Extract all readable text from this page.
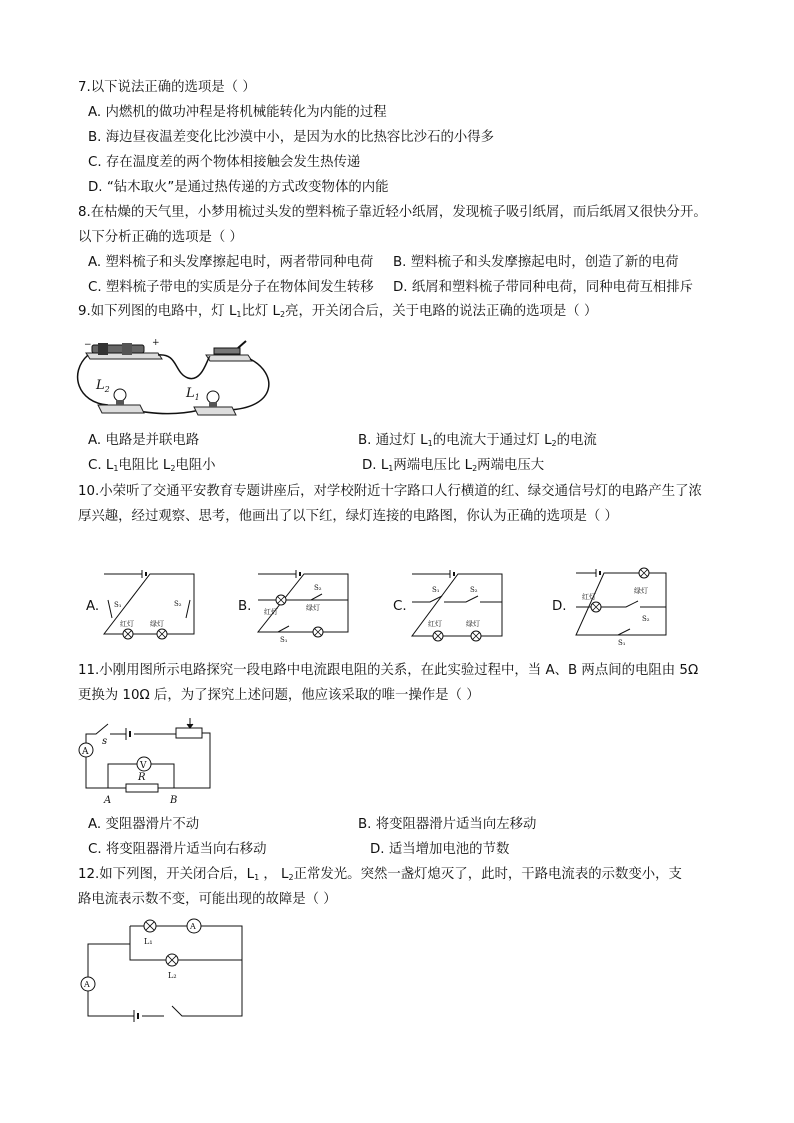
7.以下说法正确的选项是（ ）
A. 内燃机的做功冲程是将机械能转化为内能的过程
B. 海边昼夜温差变化比沙漠中小，是因为水的比热容比沙石的小得多
C. 存在温度差的两个物体相接触会发生热传递
D. “钻木取火”是通过热传递的方式改变物体的内能
8.在枯燥的天气里，小梦用梳过头发的塑料梳子靠近轻小纸屑，发现梳子吸引纸屑，而后纸屑又很快分开。
以下分析正确的选项是（ ）
A. 塑料梳子和头发摩擦起电时，两者带同种电荷 B. 塑料梳子和头发摩擦起电时，创造了新的电荷
C. 塑料梳子带电的实质是分子在物体间发生转移 D. 纸屑和塑料梳子带同种电荷，同种电荷互相排斥
9.如下列图的电路中，灯 $L_1$比灯 $L_2$亮，开关闭合后，关于电路的说法正确的选项是（ ）
−	+
$L_2$	$L_1$
A. 电路是并联电路	B. 通过灯 $L_1$的电流大于通过灯 $L_2$的电流
C. $L_1$电阻比 $L_2$电阻小	D. $L_1$两端电压比 $L_2$两端电压大
10.小荣听了交通平安教育专题讲座后，对学校附近十字路口人行横道的红、绿交通信号灯的电路产生了浓
厚兴趣，经过观察、思考，他画出了以下红，绿灯连接的电路图，你认为正确的选项是（ ）
A. S₁	S₂
红灯 绿灯
B.
S₂
绿灯
红灯
S₁
C.
S₁	S₂
红灯	绿灯
D.
绿灯
红灯
S₂
S₁
11.小刚用图所示电路探究一段电路中电流跟电阻的关系，在此实验过程中，当 A、B 两点间的电阻由 5Ω
更换为 10Ω 后，为了探究上述问题，他应该采取的唯一操作是（ ）
s
A
V
R
A	B
A. 变阻器滑片不动	B. 将变阻器滑片适当向左移动
C. 将变阻器滑片适当向右移动	D. 适当增加电池的节数
12.如下列图，开关闭合后，$L_1$ ， $L_2$正常发光。突然一盏灯熄灭了，此时，干路电流表的示数变小，支
路电流表示数不变，可能出现的故障是（ ）
A
A
L₁
L₂
